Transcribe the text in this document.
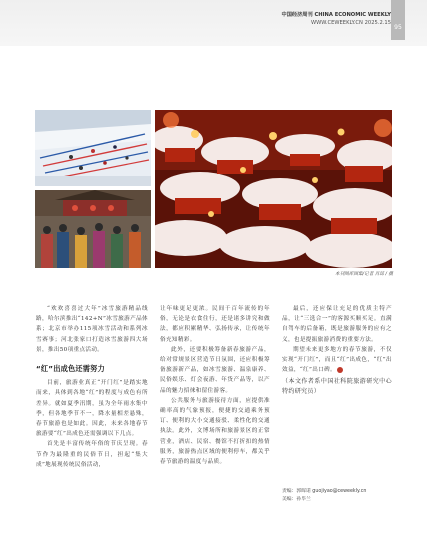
中国经济周刊 CHINA ECONOMIC WEEKLY
WWW.CEWEEKLY.CN 2025.2.15
95
本刊图库图集/记者 肖琼 / 摄

“欢欢喜喜过大年”冰雪旅游精品线路，哈尔滨推出“142+N”冰雪旅游产品体系；北京市举办115项冰雪活动和系列冰雪赛事；河北张家口打造冰雪旅游四大场景，推出50项重点活动。

“红”出成色还需努力

目前，旅游业真正“开门红”是踏实地而来，具体到各地“红”的程度与成色有所差异。就如夏季汛期，虽为全年雨水集中季，但各地季节不一，降水量相差悬殊，春节旅游也是如此。因此，未来各地春节旅游要“红”出成色还需强调以下几点。

首先是丰富传统年俗的节庆呈现。春节作为最隆重的民俗节日，担起“集大成”地展现传统民俗活动，

让年味更足更浓。民间千百年流传的年俗，无论是衣食住行，还是诸多讲究和做法，都应积累精华、弘扬传承，让传统年俗充知精彩。

此外，还要积极筹备新春旅游产品，给对常规景区营造节日氛围，还应积极筹备旅游新产品，如冰雪旅游、温泉康养、民俗娱乐、灯会夜游、年货产品等，以产品的魅力招徕和留住游客。

公共服务与旅游接待方面，应提供准确率高的气象预报，便捷的交通乘务预订、便利的大小交通接驳、柔性化的交通执法。此外，文博场所和旅游景区的正常营业，酒店、民宿、餐馆不打折扣的热情服务，旅游热点区域的便利停车，都关乎春节旅游的温度与品质。

最后，还应保让充足的优质主特产品，让“三选合一”的客源买顺买足。直满自驾车的后备箱，既是旅游服务的应有之义，也是提振旅游消费的重要方法。

期望未来更多地方的春节旅游，不仅实现“开门红”，而且“红”出成色，“红”出效益，“红”出口碑。

（本文作者系中国社科院旅游研究中心特约研究员）
责编：郭晖诺 guojiyao@ceweekly.cn
美编：孙毕兰
